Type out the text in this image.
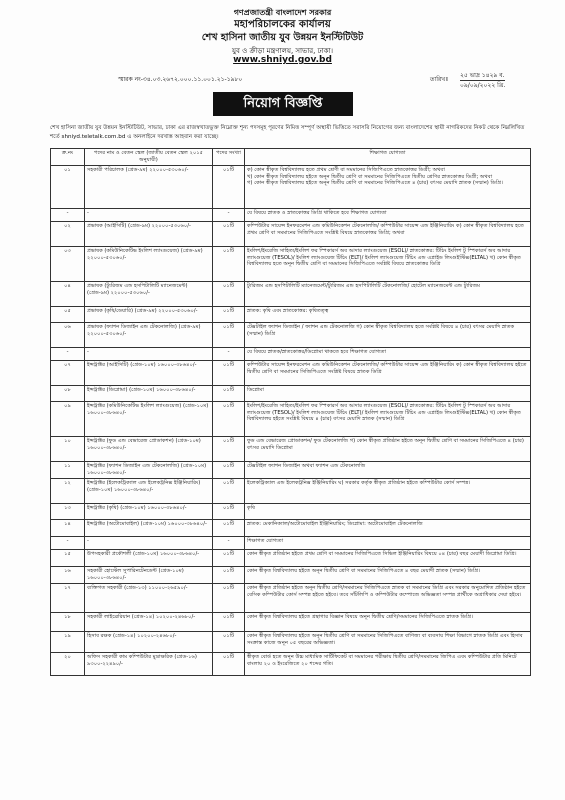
গণপ্রজাতন্ত্রী বাংলাদেশ সরকার
মহাপরিচালকের কার্যালয়
শেখ হাসিনা জাতীয় যুব উন্নয়ন ইনস্টিটিউট
যুব ও ক্রীড়া মন্ত্রণালয়, সাভার, ঢাকা।
www.shniyd.gov.bd
স্মারক নং-৩৪.০৩.২৬৭২.০০০.১১.০০১.২১-১৯৮০	তারিখঃ
২৫ ভাদ্র ১৪২৯ ব.
০৯/০৯/২০২২ খ্রি.
নিয়োগ বিজ্ঞপ্তি
শেখ হাসিনা জাতীয় যুব উন্নয়ন ইনস্টিটিউট, সাভার, ঢাকা এর রাজস্বখাতভুক্ত নিম্নোক্ত শূন্য পদসমূহ পূরণের নিমিত্ত সম্পূর্ণ অস্থায়ী ভিত্তিতে সরাসরি নিয়োগের জন্য বাংলাদেশের স্থায়ী নাগরিকদের নিকট থেকে নিম্নলিখিত শর্তে shniyd.teletalk.com.bd এ অনলাইনে দরখাস্ত আহবান করা যাচ্ছে।
ক্র.নং	পদের নাম ও বেতন স্কেল (জাতীয় বেতন স্কেল ২০১৫ অনুযায়ী)	পদের সংখ্যা	শিক্ষাগত যোগ্যতা
০১	সহকারী পরিচালক (গ্রেড-৯ম) ২২০০০-৫৩০৬০/-	০১টি	ক) কোন স্বীকৃত বিশ্ববিদ্যালয় হতে প্রথম শ্রেণী বা সমমানের সিজিপিএতে স্নাতকোত্তর ডিগ্রী; অথবা
খ) কোন স্বীকৃত বিশ্ববিদ্যালয় হইতে অনূন দ্বিতীয় শ্রেণি বা সমমানের সিজিপিএতে দ্বিতীয় শ্রেণির স্নাতকোত্তর ডিগ্রী; অথবা
গ) কোন স্বীকৃত বিশ্ববিদ্যালয় হইতে অনূন দ্বিতীয় শ্রেণি বা সমমানের সিজিপিএতে ৪ (চার) বৎসর মেয়াদি স্নাতক (সম্মান) ডিগ্রি।
-	-	-	যে বিষয়ে স্নাতক ও স্নাতকোত্তর ডিগ্রি থাকিতে হবে শিক্ষাগত যোগ্যতা
০২	প্রভাষক (আইসিটি) (গ্রেড-৯ম) ২২০০০-৫৩০৬০/-	০১টি	কম্পিউটার সায়েন্স ইনফরমেশন এন্ড কমিউনিকেশন টেকনোলজি/ কম্পিউটার সায়েন্স এন্ড ইঞ্জিনিয়ারিং ক) কোন স্বীকৃত বিশ্ববিদ্যালয় হতে প্রথম শ্রেণি বা সমমানের সিজিপিএতে সংশ্লিষ্ট বিষয়ে স্নাতকোত্তর ডিগ্রি; অথবা
০৩	প্রভাষক (কমিউনিকেটিভ ইংলিশ ল্যাংগুয়েজ) (গ্রেড-৯ম) ২২০০০-৫৩০৬০/-	০১টি	ইংলিশ/ইংরেজি সাহিত্য/ইংলিশ ফর স্পিকারর্স অব আদার ল্যাংগুয়েজ (ESOL)/ স্নাতকোত্তর: টিচিং ইংলিশ টু স্পিকারর্স অব আদার ল্যাংগুয়েজ (TESOL)/ ইংলিশ ল্যাংগুয়েজ টিচিং (ELT)/ ইংলিশ ল্যাংগুয়েজ টিচিং এন্ড এপ্লাইড লিংগুইস্টিক্স(ELTAL) খ) কোন স্বীকৃত বিশ্ববিদ্যালয় হতে অনূন দ্বিতীয় শ্রেণি বা সমমানের সিজিপিএতে সংশ্লিষ্ট বিষয়ে স্নাতকোত্তর ডিগ্রি
০৪	প্রভাষক (ট্যুরিজম এন্ড হসপিটালিটি ম্যানেজমেন্ট) (গ্রেড-৯ম) ২২০০০-৫৩০৬০/-	০১টি	ট্যুরিজম এন্ড হসপিটালিটি ম্যানেজমেন্ট/ট্যুরিজম এন্ড হসপিটালিটি টেকনোলজি/ হোটেল ম্যানেজমেন্ট এন্ড ট্যুরিজম
০৫	প্রভাষক (কৃষি/ডেয়ারি) (গ্রেড-৯ম) ২২০০০-৫৩০৬০/-	০১টি	স্নাতক: কৃষি এবং স্নাতকোত্তর: কৃষিতত্ত্ব
০৬	প্রভাষক (ফ্যাশন ডিজাইন এন্ড টেকনোলজি) (গ্রেড-৯ম) ২২০০০-৫৩০৬০/-	০১টি	টেক্সটাইল ফ্যাশন ডিজাইন / ফ্যাশন এন্ড টেকনোলজি গ) কোন স্বীকৃত বিশ্ববিদ্যালয় হতে সংশ্লিষ্ট বিষয়ে ৪ (চার) বৎসর মেয়াদি স্নাতক (সম্মান) ডিগ্রি
-	-	-	যে বিষয়ে স্নাতক/স্নাতকোত্তর/ডিপ্লোমা থাকতে হবে শিক্ষাগত যোগ্যতা
০৭	ইন্সট্রাক্টর (আইসিটি) (গ্রেড-১০ম) ১৬০০০-৩৮৬৪০/-	০১টি	কম্পিউটার সায়েন্স ইনফরমেশন এন্ড কমিউনিকেশন টেকনোলজি/ কম্পিউটার সায়েন্স এন্ড ইঞ্জিনিয়ারিং ক) কোন স্বীকৃত বিশ্ববিদ্যালয় হইতে দ্বিতীয় শ্রেণি বা সমমানের সিজিপিএতে সংশ্লিষ্ট বিষয়ে স্নাতক ডিগ্রি
০৮	ইন্সট্রাক্টর (ডিপ্লোমা) (গ্রেড-১০ম) ১৬০০০-৩৮৬৪০/-	০১টি	ডিপ্লোমা
০৯	ইন্সট্রাক্টর (কমিউনিকেটিভ ইংলিশ ল্যাংগুয়েজ) (গ্রেড-১০ম) ১৬০০০-৩৮৬৪০/-	০১টি	ইংলিশ/ইংরেজি সাহিত্য/ইংলিশ ফর স্পিকারর্স অব আদার ল্যাংগুয়েজ (ESOL)/ স্নাতকোত্তর: টিচিং ইংলিশ টু স্পিকারর্স অব আদার ল্যাংগুয়েজ (TESOL)/ ইংলিশ ল্যাংগুয়েজ টিচিং (ELT)/ ইংলিশ ল্যাংগুয়েজ টিচিং এন্ড এপ্লাইড লিংগুইস্টিক্স(ELTAL) খ) কোন স্বীকৃত বিশ্ববিদ্যালয় হইতে সংশ্লিষ্ট বিষয়ে ৪ (চার) বৎসর মেয়াদি স্নাতক (সম্মান) ডিগ্রি
১০	ইন্সট্রাক্টর (ফুড এন্ড বেভারেজ প্রোডাকশন) (গ্রেড-১০ম) ১৬০০০-৩৮৬৪০/-	০১টি	ফুড এন্ড বেভারেজ প্রোডাকশন/ ফুড টেকনোলজি গ) কোন স্বীকৃত প্রতিষ্ঠান হইতে অনূন দ্বিতীয় শ্রেণি বা সমমানের সিজিপিএতে ৪ (চার) বৎসর মেয়াদি ডিপ্লোমা
১১	ইন্সট্রাক্টর (ফ্যাশন ডিজাইন এন্ড টেকনোলজি) (গ্রেড-১০ম) ১৬০০০-৩৮৬৪০/-	০১টি	টেক্সটাইল ফ্যাশন ডিজাইন অথবা ফ্যাশন এন্ড টেকনোলজি
১২	ইন্সট্রাক্টর (ইলেকট্রিক্যাল এন্ড ইলেকট্রনিক্স ইঞ্জিনিয়ারিং) (গ্রেড-১০ম) ১৬০০০-৩৮৬৪০/-	০১টি	ইলেকট্রিক্যাল এন্ড ইলেকট্রনিক্স ইঞ্জিনিয়ারিং ঘ) সরকার কর্তৃক স্বীকৃত প্রতিষ্ঠান হইতে কম্পিউটার কোর্স সম্পন্ন।
১৩	ইন্সট্রাক্টর (কৃষি) (গ্রেড-১০ম) ১৬০০০-৩৮৬৪০/-	০১টি	কৃষি
১৪	ইন্সট্রাক্টর (অটোমোবাইল) (গ্রেড-১০ম) ১৬০০০-৩৮৬৪০/-	০১টি	স্নাতক: মেকানিক্যাল/অটোমোবাইল ইঞ্জিনিয়ারিং; ডিপ্লোমা: অটোমোবাইল টেকনোলজি
-	-	-	শিক্ষাগত যোগ্যতা
১৫	উপসহকারী প্রকৌশলী (গ্রেড-১০ম) ১৬০০০-৩৮৬৪০/-	০১টি	কোন স্বীকৃত প্রতিষ্ঠান হইতে প্রথম শ্রেণি বা সমমানের সিজিপিএতে সিভিল ইঞ্জিনিয়ারিং বিষয়ে ০৪ (চার) বছর মেয়াদী ডিপ্লোমা ডিগ্রি।
১৬	সহকারী হোস্টেল সুপারিনটেনডেন্ট (গ্রেড-১০ম) ১৬০০০-৩৮৬৪০/-	০১টি	কোন স্বীকৃত বিশ্ববিদ্যালয় হইতে অনূন দ্বিতীয় শ্রেণি বা সমমানের সিজিপিএতে ৪ বছর মেয়াদী স্নাতক (সম্মান) ডিগ্রি।
১৭	ব্যক্তিগত সহকারী (গ্রেড-১৩) ১১০০০-২৬৫৯০/-	০১টি	কোন স্বীকৃত প্রতিষ্ঠান হইতে অনূন দ্বিতীয় শ্রেণি/সমমানের সিজিপিএতে স্নাতক বা সমমানের ডিগ্রি এবং সরকার অনুমোদিত প্রতিষ্ঠান হইতে বেসিক কম্পিউটার কোর্স সম্পন্ন হইতে হইবে। তবে সাঁটলিপি ও কম্পিউটার কম্পোজে অভিজ্ঞতা সম্পন্ন প্রার্থীকে অগ্রাধিকার দেয়া হইবে।
১৮	সহকারী লাইব্রেরিয়ান (গ্রেড-১৪) ১০২০০-২৪৬৮০/-	০১টি	কোন স্বীকৃত বিশ্ববিদ্যালয় হইতে গ্রন্থাগার বিজ্ঞান বিষয়ে অনূন দ্বিতীয় শ্রেণি/সমমানের সিজিপিএতে স্নাতক ডিগ্রি।
১৯	হিসাব রক্ষক (গ্রেড-১৪) ১০২০০-২৪৬৮০/-	০১টি	কোন স্বীকৃত বিশ্ববিদ্যালয় হইতে অনূন দ্বিতীয় শ্রেণি বা সমমানের সিজিপিএতে বাণিজ্য বা ব্যবসায় শিক্ষা বিভাগে স্নাতক ডিগ্রি এবং হিসাব সংক্রান্ত কাজে অনূন ০৫ বছরের অভিজ্ঞতা।
২০	অফিস সহকারী কাম কম্পিউটার মুদ্রাক্ষরিক (গ্রেড-১৬) ৯৩০০-২২৪৯০/-	০১টি	স্বীকৃত বোর্ড হতে অনূন উচ্চ মাধ্যমিক সার্টিফিকেট বা সমমানের পরীক্ষায় দ্বিতীয় শ্রেণি/সমমানের জিপিএ এবং কম্পিউটার প্রতি মিনিটে বাংলায় ২০ ও ইংরেজিতে ২০ শব্দের গতি।
